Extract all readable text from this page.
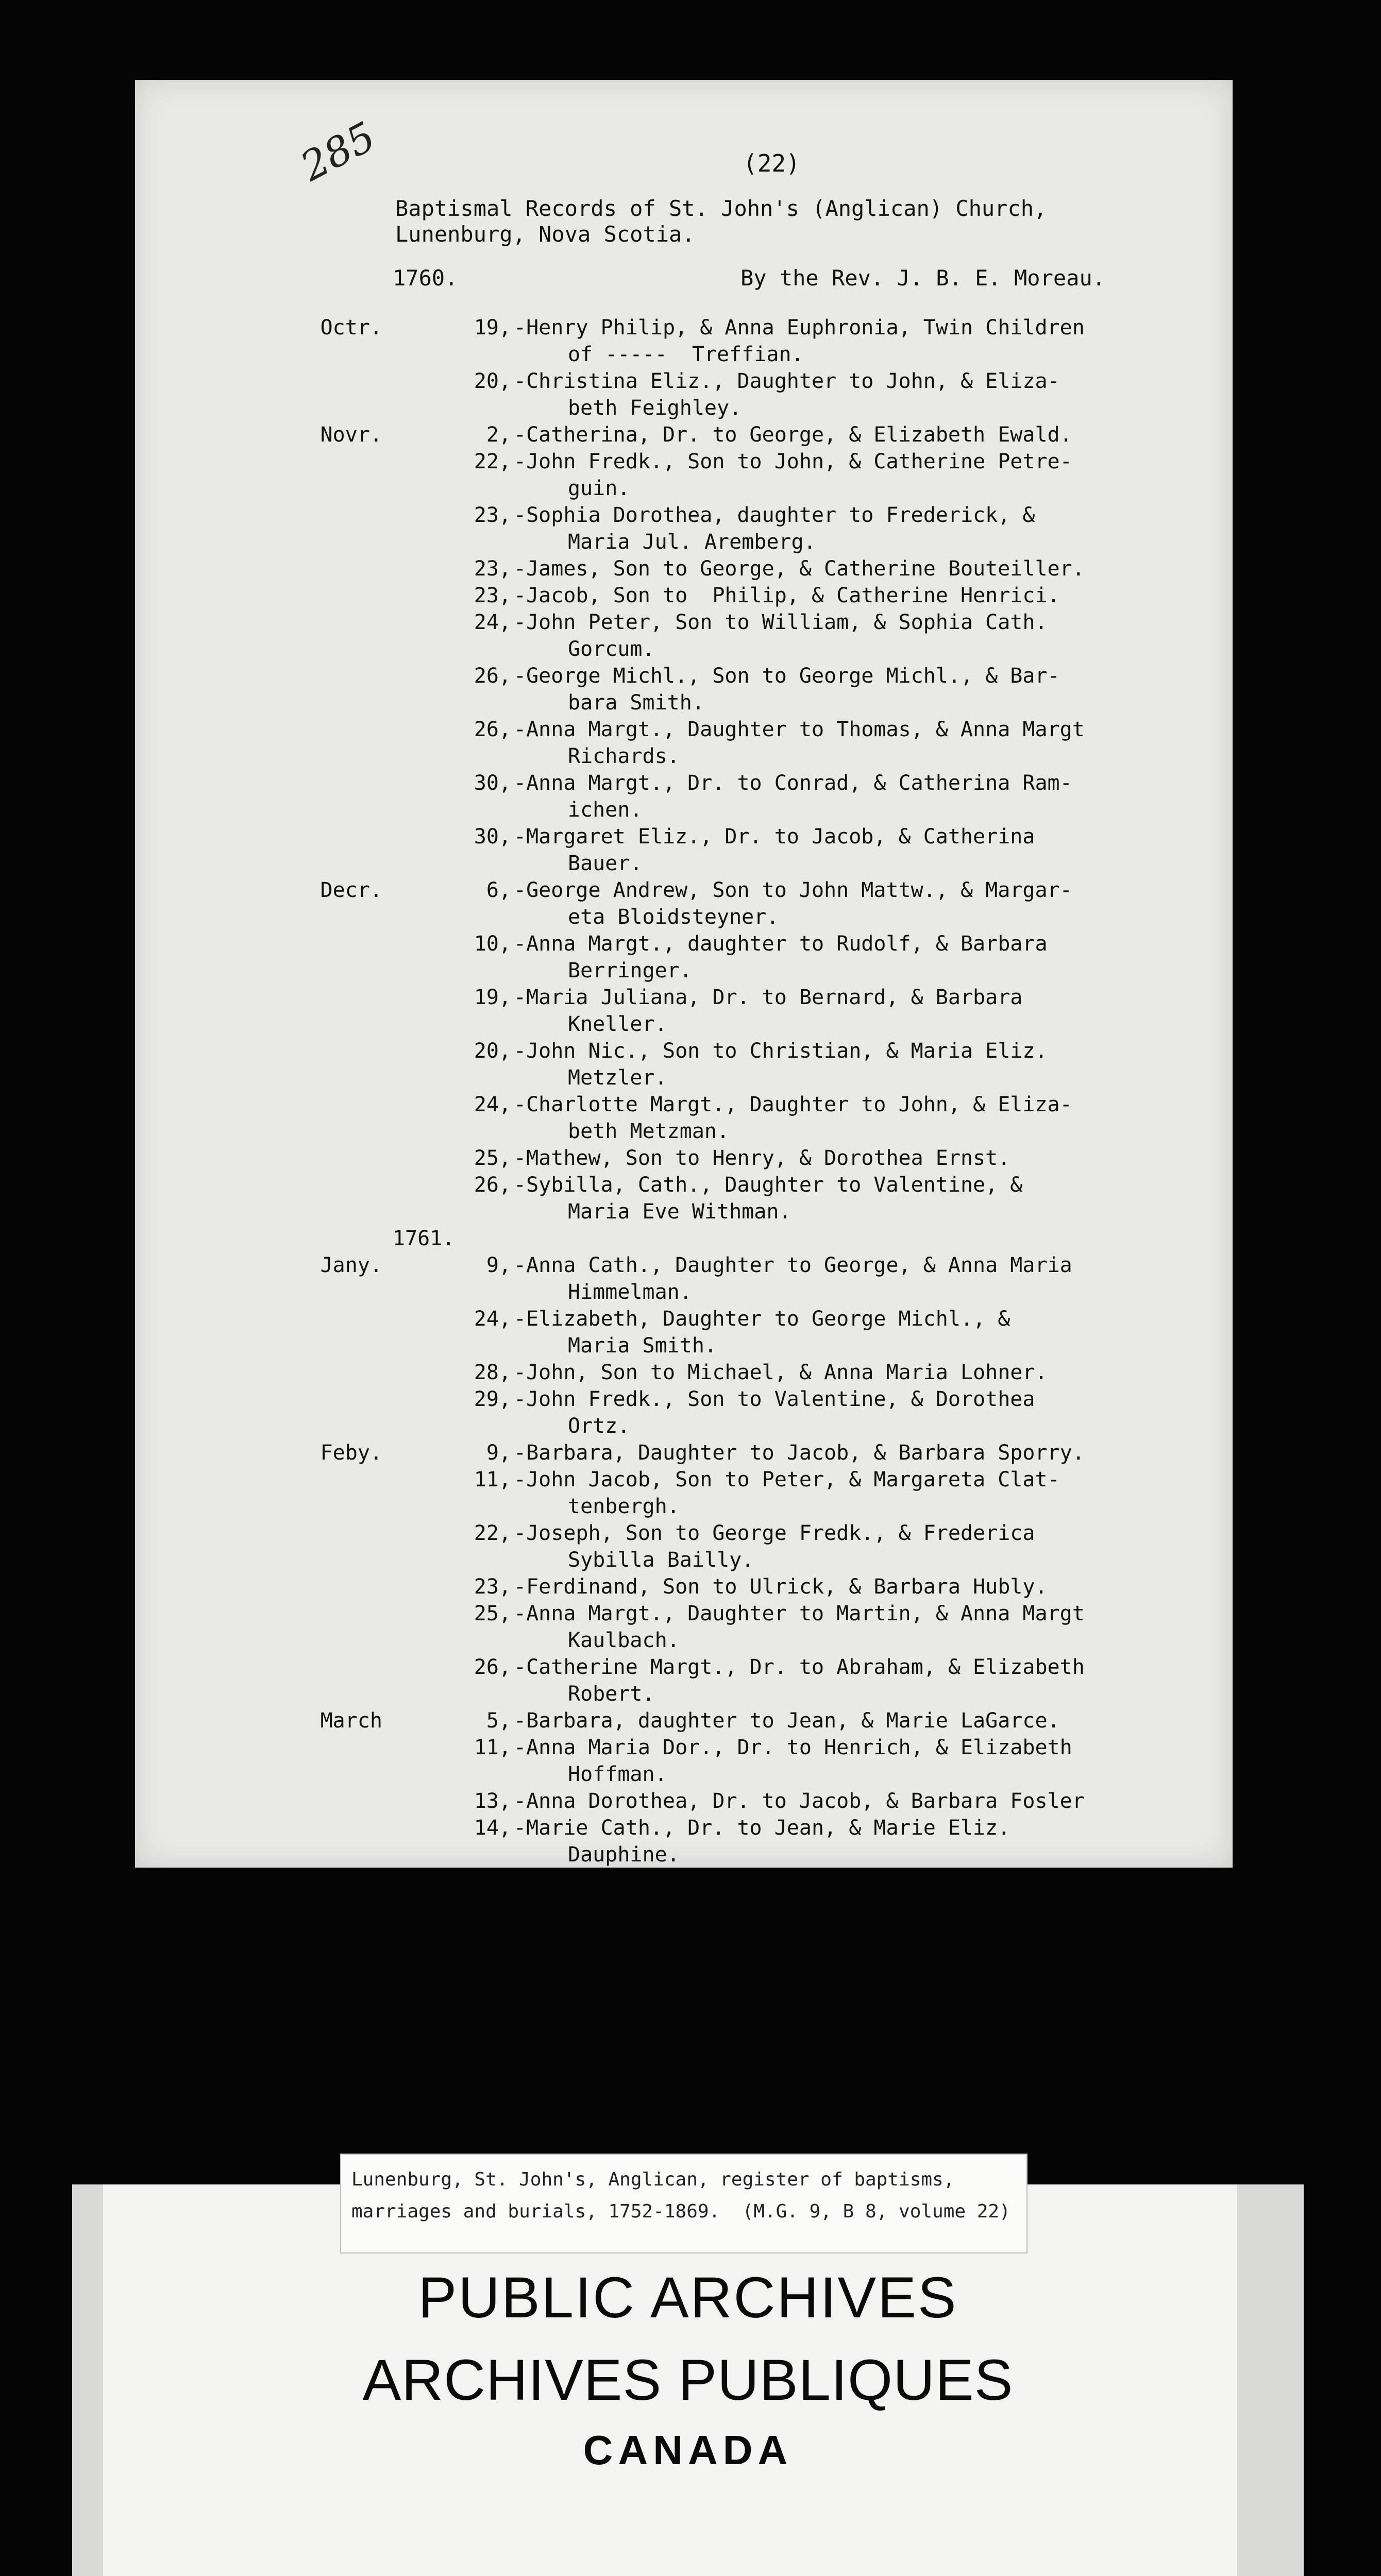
285	(22)
Baptismal Records of St. John's (Anglican) Church,
Lunenburg, Nova Scotia.
1760.	By the Rev. J. B. E. Moreau.
Octr.	19, -Henry Philip, & Anna Euphronia, Twin Children
of -----  Treffian.
20, -Christina Eliz., Daughter to John, & Eliza-
beth Feighley.
Novr.	2, -Catherina, Dr. to George, & Elizabeth Ewald.
22, -John Fredk., Son to John, & Catherine Petre-
guin.
23, -Sophia Dorothea, daughter to Frederick, &
Maria Jul. Aremberg.
23, -James, Son to George, & Catherine Bouteiller.
23, -Jacob, Son to  Philip, & Catherine Henrici.
24, -John Peter, Son to William, & Sophia Cath.
Gorcum.
26, -George Michl., Son to George Michl., & Bar-
bara Smith.
26, -Anna Margt., Daughter to Thomas, & Anna Margt
Richards.
30, -Anna Margt., Dr. to Conrad, & Catherina Ram-
ichen.
30, -Margaret Eliz., Dr. to Jacob, & Catherina
Bauer.
Decr.	6, -George Andrew, Son to John Mattw., & Margar-
eta Bloidsteyner.
10, -Anna Margt., daughter to Rudolf, & Barbara
Berringer.
19, -Maria Juliana, Dr. to Bernard, & Barbara
Kneller.
20, -John Nic., Son to Christian, & Maria Eliz.
Metzler.
24, -Charlotte Margt., Daughter to John, & Eliza-
beth Metzman.
25, -Mathew, Son to Henry, & Dorothea Ernst.
26, -Sybilla, Cath., Daughter to Valentine, &
Maria Eve Withman.
1761.
Jany.	9, -Anna Cath., Daughter to George, & Anna Maria
Himmelman.
24, -Elizabeth, Daughter to George Michl., &
Maria Smith.
28, -John, Son to Michael, & Anna Maria Lohner.
29, -John Fredk., Son to Valentine, & Dorothea
Ortz.
Feby.	9, -Barbara, Daughter to Jacob, & Barbara Sporry.
11, -John Jacob, Son to Peter, & Margareta Clat-
tenbergh.
22, -Joseph, Son to George Fredk., & Frederica
Sybilla Bailly.
23, -Ferdinand, Son to Ulrick, & Barbara Hubly.
25, -Anna Margt., Daughter to Martin, & Anna Margt
Kaulbach.
26, -Catherine Margt., Dr. to Abraham, & Elizabeth
Robert.
March	5, -Barbara, daughter to Jean, & Marie LaGarce.
11, -Anna Maria Dor., Dr. to Henrich, & Elizabeth
Hoffman.
13, -Anna Dorothea, Dr. to Jacob, & Barbara Fosler
14, -Marie Cath., Dr. to Jean, & Marie Eliz.
Dauphine.
Lunenburg, St. John's, Anglican, register of baptisms,
marriages and burials, 1752-1869.  (M.G. 9, B 8, volume 22)
PUBLIC ARCHIVES
ARCHIVES PUBLIQUES
CANADA
